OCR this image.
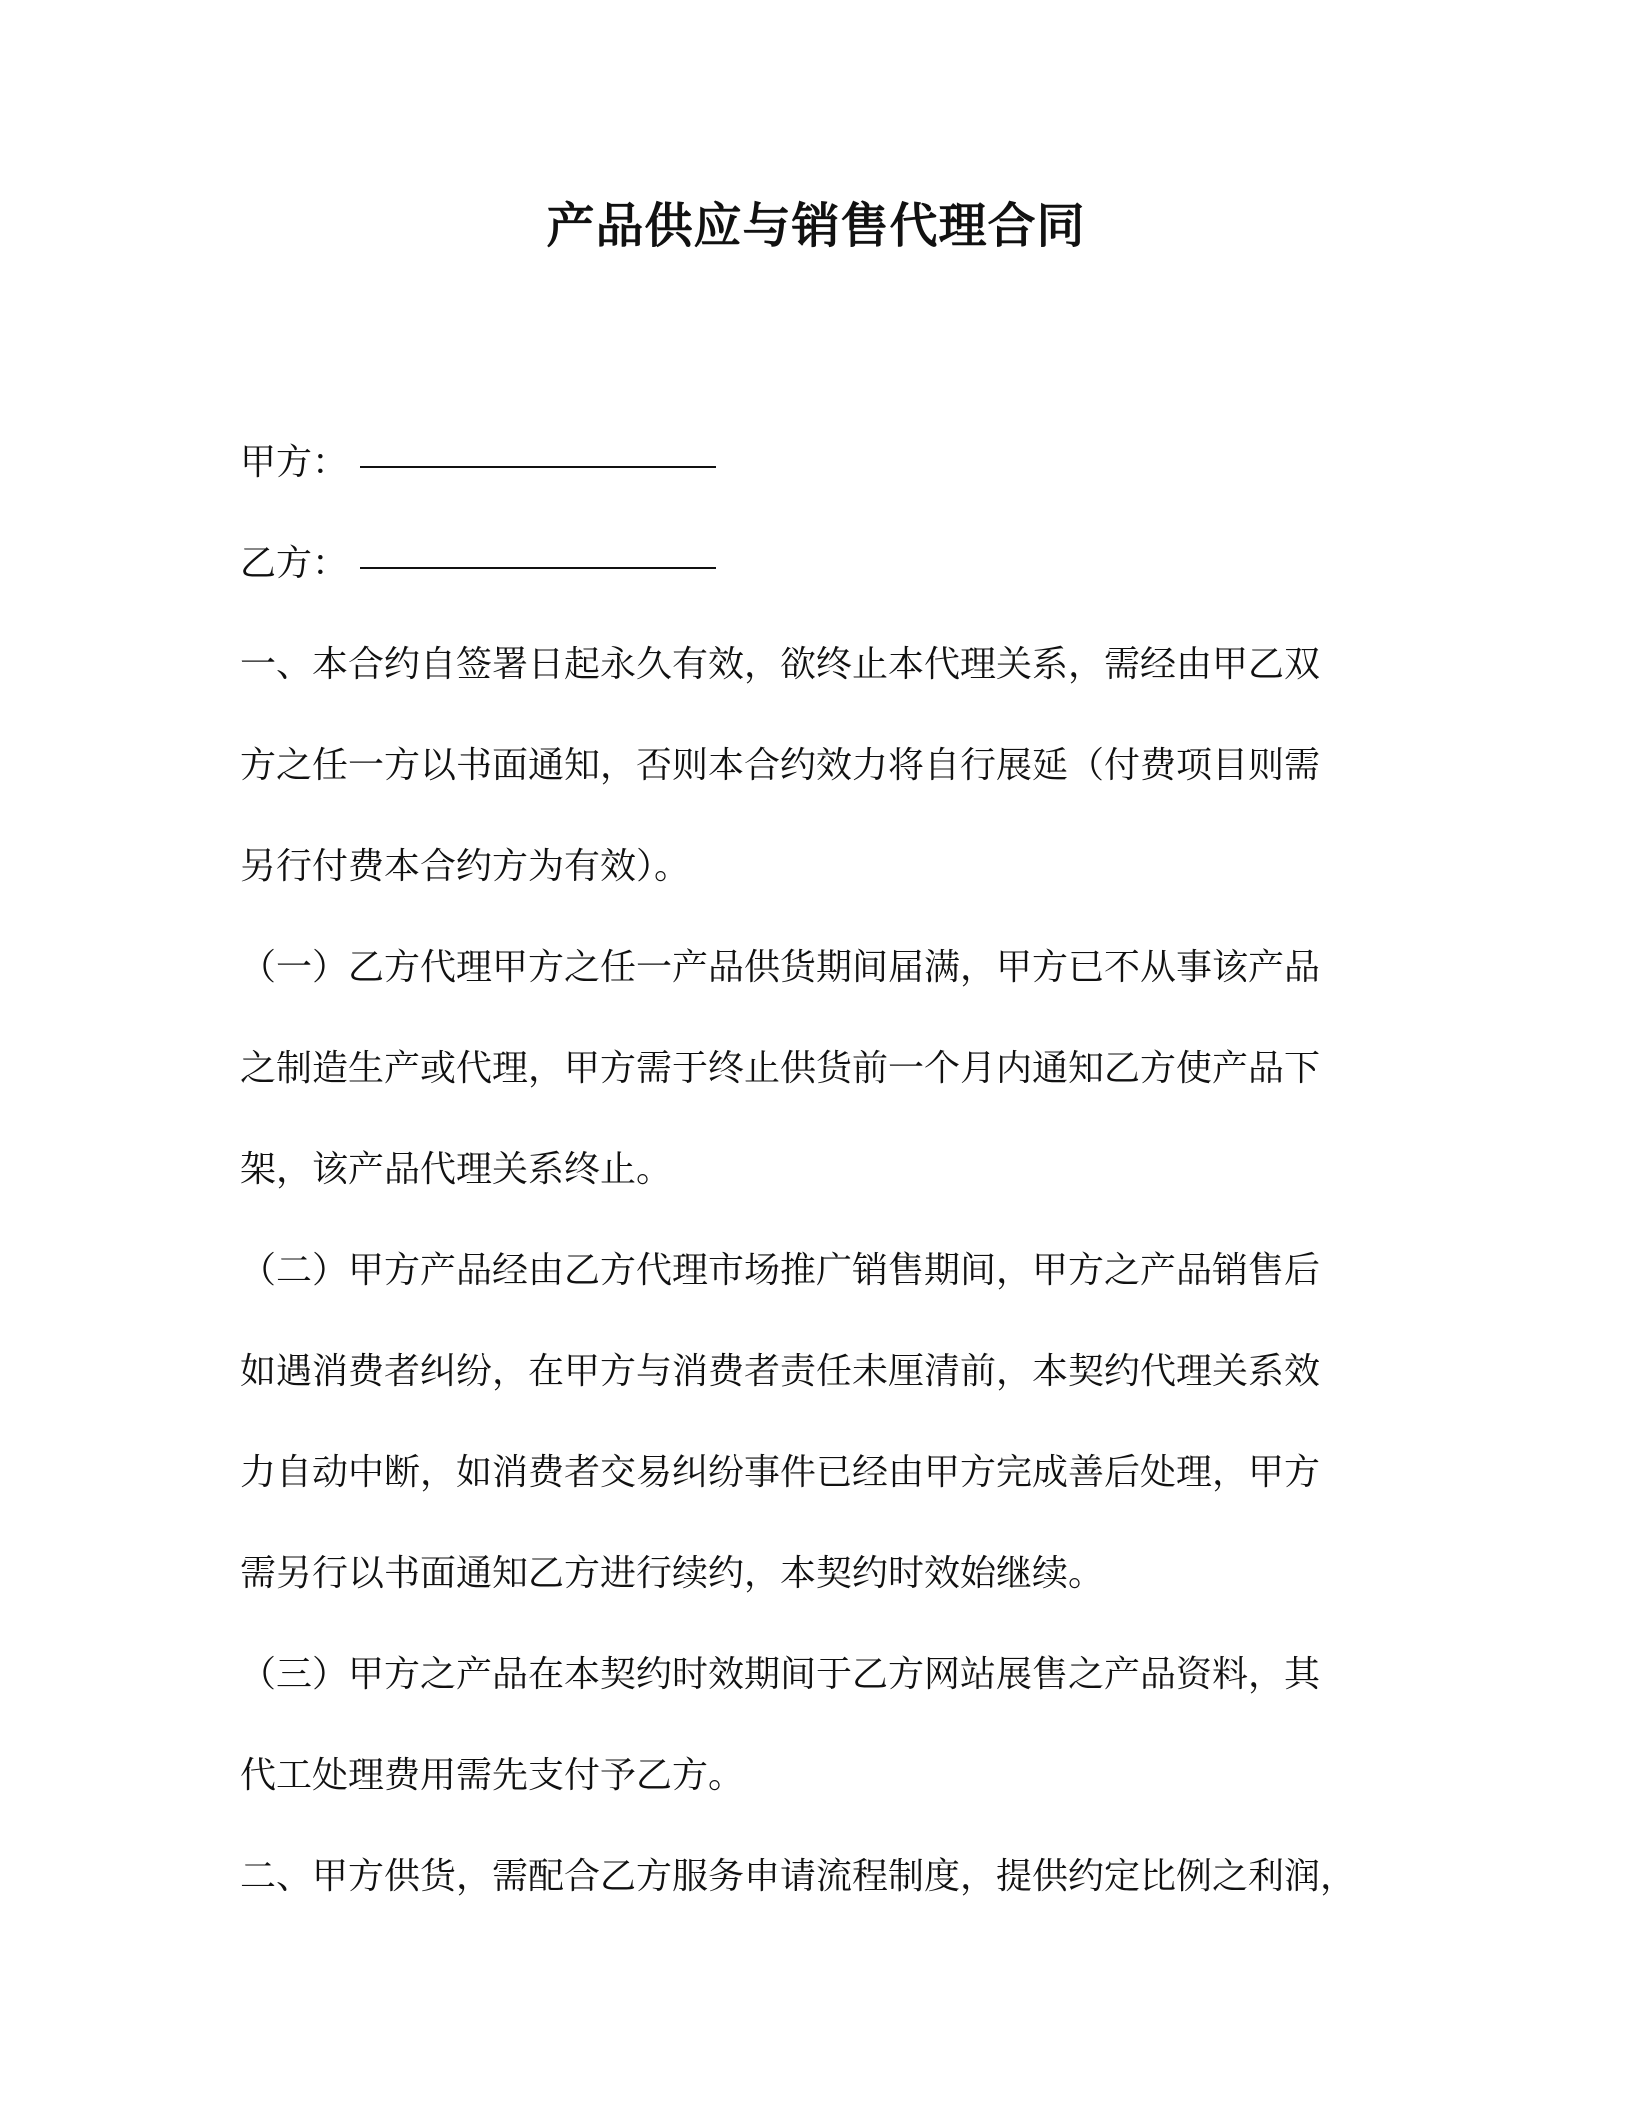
产品供应与销售代理合同
甲方：
乙方：
一、本合约自签署日起永久有效，欲终止本代理关系，需经由甲乙双
方之任一方以书面通知，否则本合约效力将自行展延（付费项目则需
另行付费本合约方为有效）。
（一）乙方代理甲方之任一产品供货期间届满，甲方已不从事该产品
之制造生产或代理，甲方需于终止供货前一个月内通知乙方使产品下
架，该产品代理关系终止。
（二）甲方产品经由乙方代理市场推广销售期间，甲方之产品销售后
如遇消费者纠纷，在甲方与消费者责任未厘清前，本契约代理关系效
力自动中断，如消费者交易纠纷事件已经由甲方完成善后处理，甲方
需另行以书面通知乙方进行续约，本契约时效始继续。
（三）甲方之产品在本契约时效期间于乙方网站展售之产品资料，其
代工处理费用需先支付予乙方。
二、甲方供货，需配合乙方服务申请流程制度，提供约定比例之利润，
